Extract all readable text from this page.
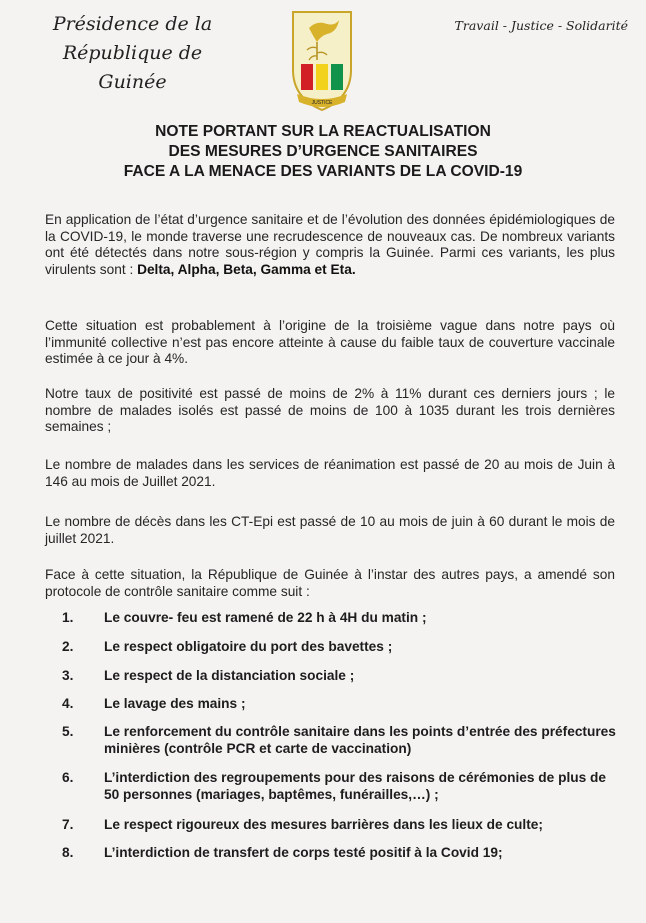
Présidence de la
République de Guinée
JUSTICE
Travail - Justice - Solidarité
NOTE PORTANT SUR LA REACTUALISATION
DES MESURES D’URGENCE SANITAIRES
FACE A LA MENACE DES VARIANTS DE LA COVID-19

En application de l’état d’urgence sanitaire et de l’évolution des données épidémiologiques de la COVID-19, le monde traverse une recrudescence de nouveaux cas. De nombreux variants ont été détectés dans notre sous-région y compris la Guinée. Parmi ces variants, les plus virulents sont : Delta, Alpha, Beta, Gamma et Eta.

Cette situation est probablement à l’origine de la troisième vague dans notre pays où l’immunité collective n’est pas encore atteinte à cause du faible taux de couverture vaccinale estimée à ce jour à 4%.

Notre taux de positivité est passé de moins de 2% à 11% durant ces derniers jours ; le nombre de malades isolés est passé de moins de 100 à 1035 durant les trois dernières semaines ;

Le nombre de malades dans les services de réanimation est passé de 20 au mois de Juin à 146 au mois de Juillet 2021.

Le nombre de décès dans les CT-Epi est passé de 10 au mois de juin à 60 durant le mois de juillet 2021.

Face à cette situation, la République de Guinée à l’instar des autres pays, a amendé son protocole de contrôle sanitaire comme suit :

1.	Le couvre- feu est ramené de 22 h à 4H du matin ;
2.	Le respect obligatoire du port des bavettes ;
3.	Le respect de la distanciation sociale ;
4.	Le lavage des mains ;
5.	Le renforcement du contrôle sanitaire dans les points d’entrée des préfectures minières (contrôle PCR et carte de vaccination)
6.	L’interdiction des regroupements pour des raisons de cérémonies de plus de 50 personnes (mariages, baptêmes, funérailles,…) ;
7.	Le respect rigoureux des mesures barrières dans les lieux de culte;
8.	L’interdiction de transfert de corps testé positif à la Covid 19;
